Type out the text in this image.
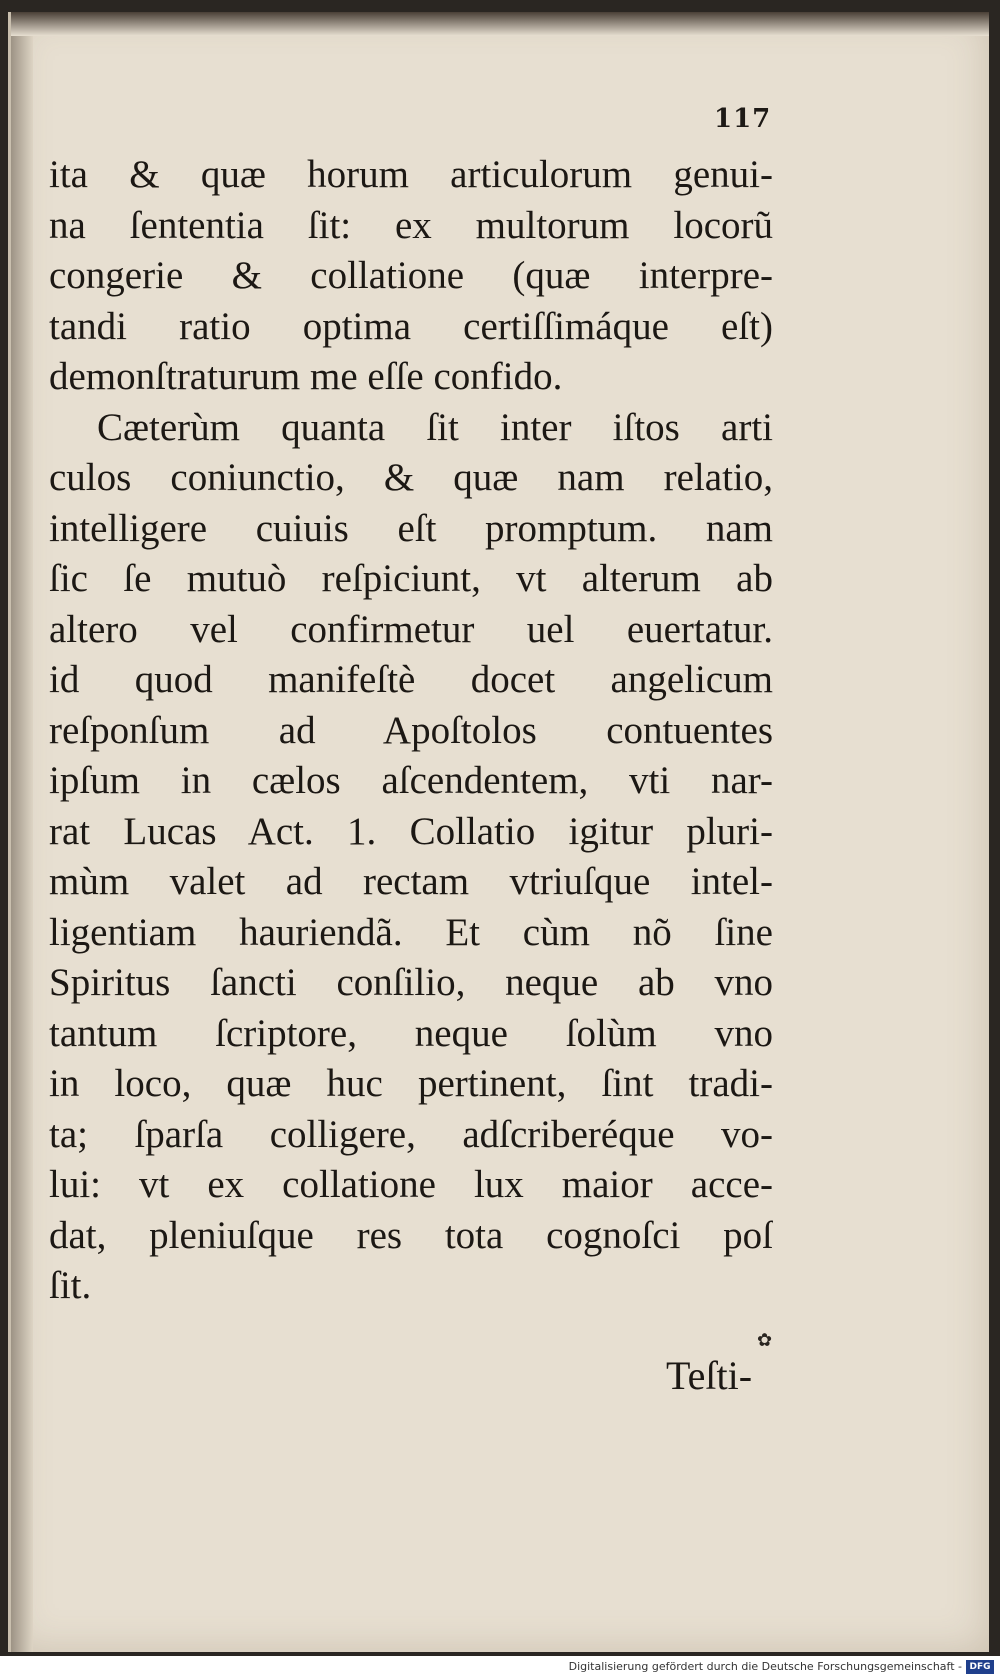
117
ita & quæ horum articulorum genui-
na ſententia ſit: ex multorum locorũ
congerie & collatione (quæ interpre-
tandi ratio optima certiſſimáque eſt)
demonſtraturum me eſſe confido.
Cæterùm quanta ſit inter iſtos arti
culos coniunctio, & quæ nam relatio,
intelligere cuiuis eſt promptum. nam
ſic ſe mutuò reſpiciunt, vt alterum ab
altero vel confirmetur uel euertatur.
id quod manifeſtè docet angelicum
reſponſum ad Apoſtolos contuentes
ipſum in cælos aſcendentem, vti nar-
rat Lucas Act. 1. Collatio igitur pluri-
mùm valet ad rectam vtriuſque intel-
ligentiam hauriendã. Et cùm nõ ſine
Spiritus ſancti conſilio, neque ab vno
tantum ſcriptore, neque ſolùm vno
in loco, quæ huc pertinent, ſint tradi-
ta; ſparſa colligere, adſcriberéque vo-
lui: vt ex collatione lux maior acce-
dat, pleniuſque res tota cognoſci poſ
ſit.
✿
Teſti-
Digitalisierung gefördert durch die Deutsche Forschungsgemeinschaft - DFG
